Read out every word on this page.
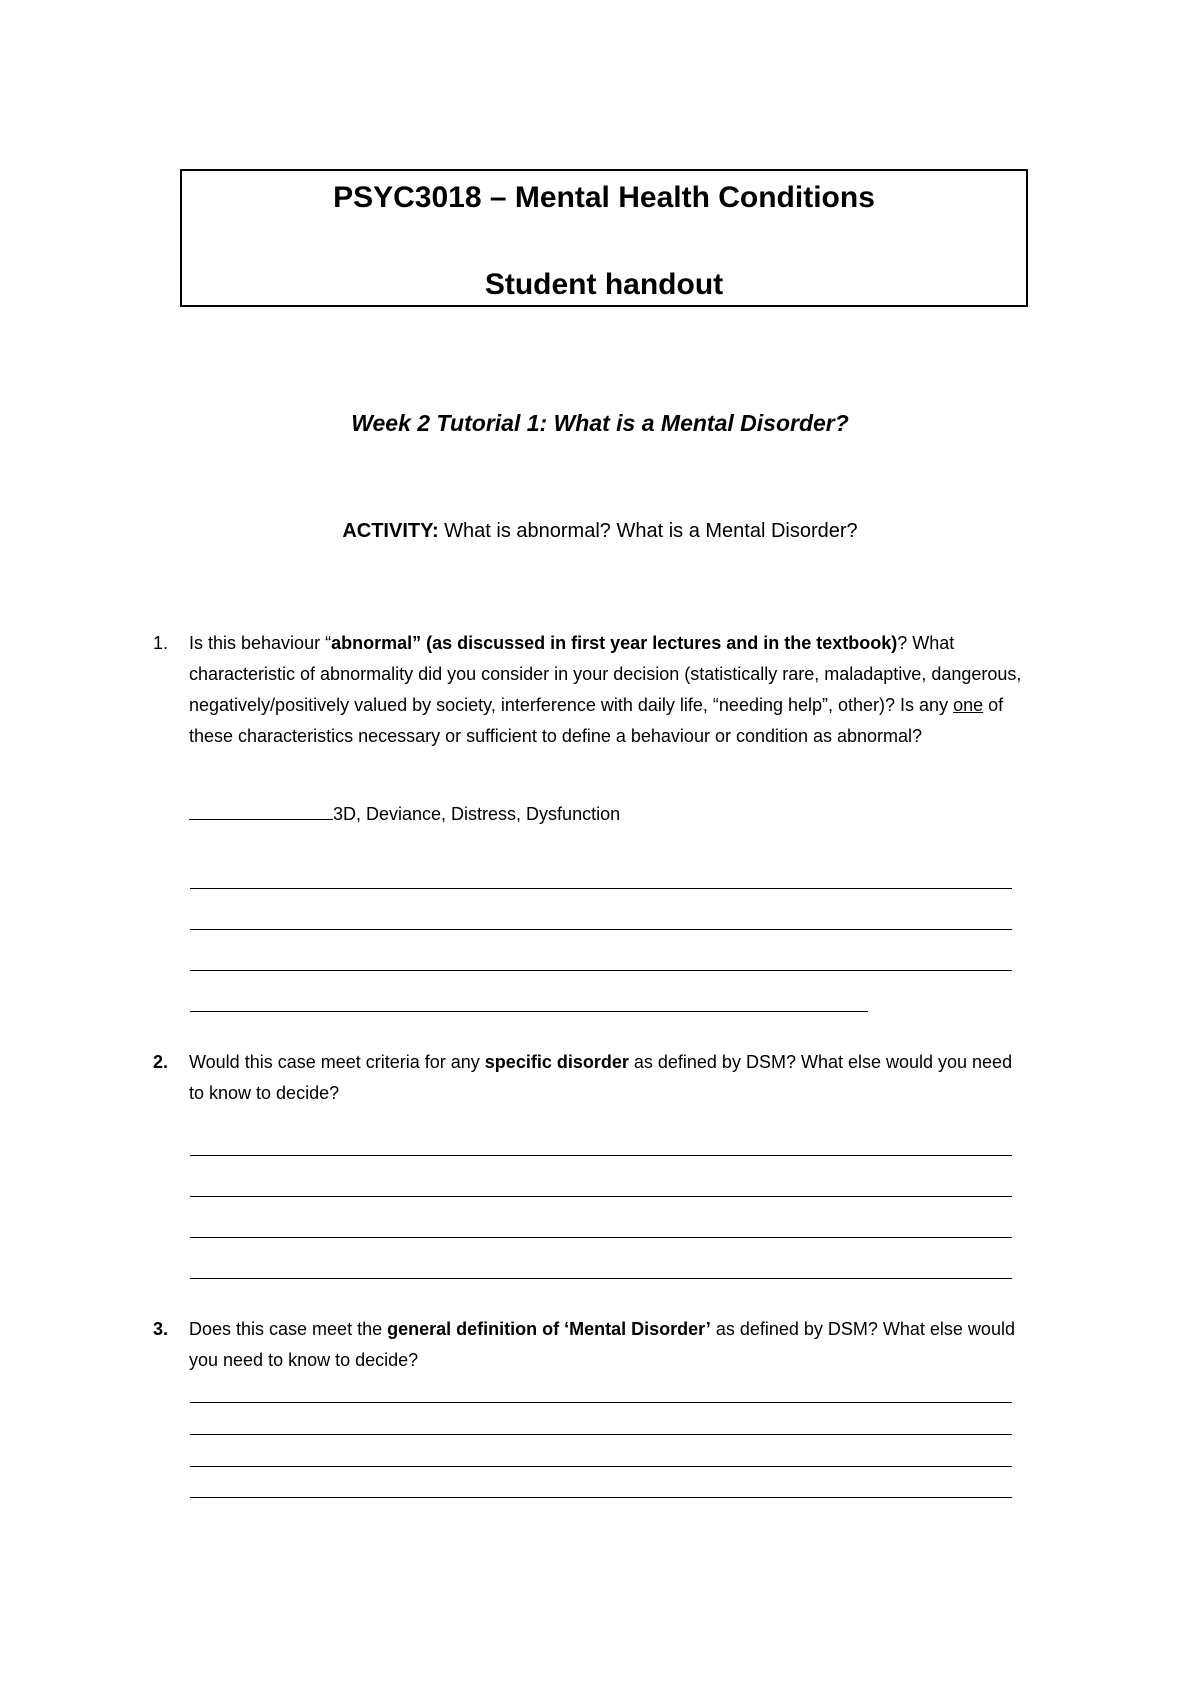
PSYC3018 – Mental Health Conditions
Student handout
Week 2 Tutorial 1: What is a Mental Disorder?
ACTIVITY: What is abnormal? What is a Mental Disorder?
1. Is this behaviour “abnormal” (as discussed in first year lectures and in the textbook)? What characteristic of abnormality did you consider in your decision (statistically rare, maladaptive, dangerous, negatively/positively valued by society, interference with daily life, “needing help”, other)? Is any one of these characteristics necessary or sufficient to define a behaviour or condition as abnormal?
3D, Deviance, Distress, Dysfunction
2. Would this case meet criteria for any specific disorder as defined by DSM? What else would you need to know to decide?
3. Does this case meet the general definition of ‘Mental Disorder’ as defined by DSM? What else would you need to know to decide?
